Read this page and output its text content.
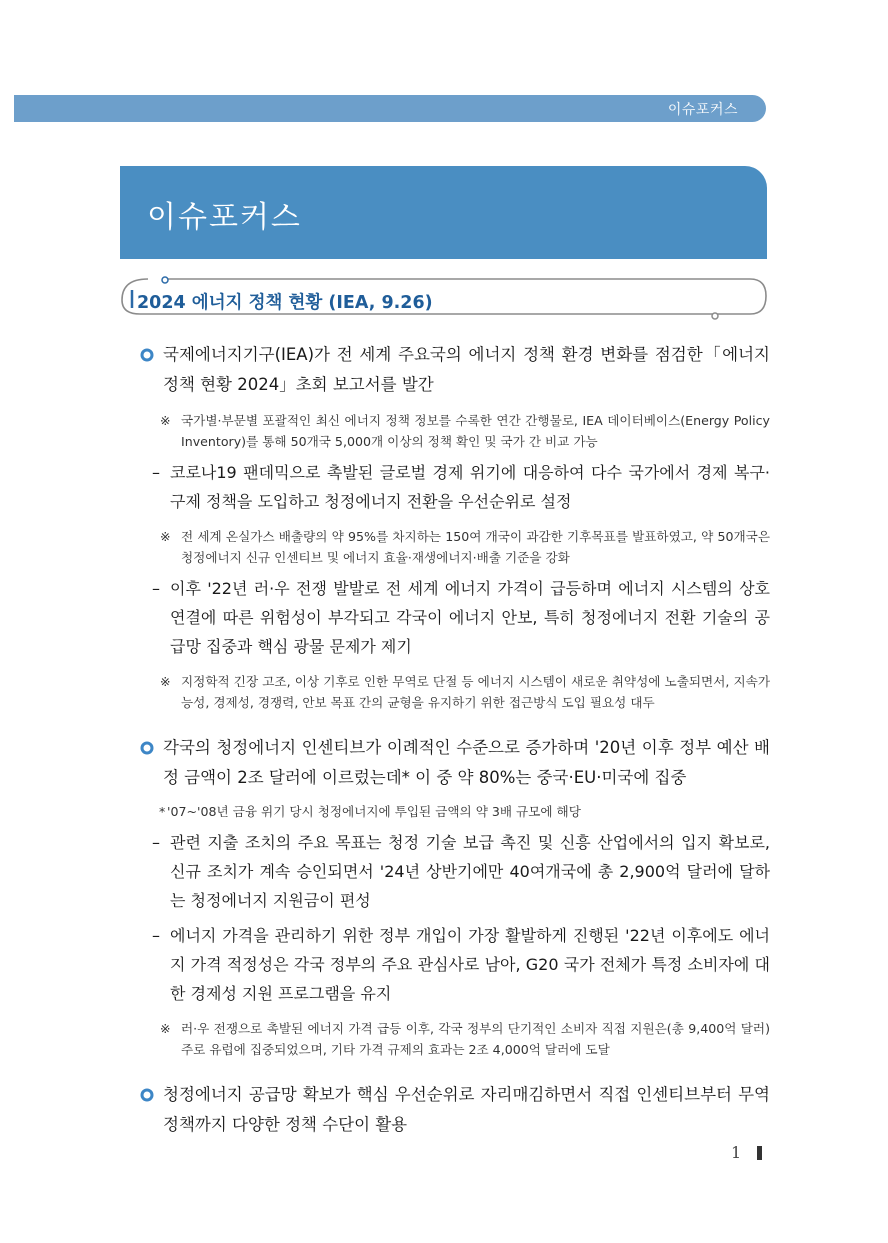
이슈포커스
이슈포커스
2024 에너지 정책 현황 (IEA, 9.26)
국제에너지기구(IEA)가 전 세계 주요국의 에너지 정책 환경 변화를 점검한「에너지 정책 현황 2024」초회 보고서를 발간
※ 국가별·부문별 포괄적인 최신 에너지 정책 정보를 수록한 연간 간행물로, IEA 데이터베이스(Energy Policy Inventory)를 통해 50개국 5,000개 이상의 정책 확인 및 국가 간 비교 가능
– 코로나19 팬데믹으로 촉발된 글로벌 경제 위기에 대응하여 다수 국가에서 경제 복구·구제 정책을 도입하고 청정에너지 전환을 우선순위로 설정
※ 전 세계 온실가스 배출량의 약 95%를 차지하는 150여 개국이 과감한 기후목표를 발표하였고, 약 50개국은 청정에너지 신규 인센티브 및 에너지 효율·재생에너지·배출 기준을 강화
– 이후 '22년 러·우 전쟁 발발로 전 세계 에너지 가격이 급등하며 에너지 시스템의 상호 연결에 따른 위험성이 부각되고 각국이 에너지 안보, 특히 청정에너지 전환 기술의 공급망 집중과 핵심 광물 문제가 제기
※ 지정학적 긴장 고조, 이상 기후로 인한 무역로 단절 등 에너지 시스템이 새로운 취약성에 노출되면서, 지속가능성, 경제성, 경쟁력, 안보 목표 간의 균형을 유지하기 위한 접근방식 도입 필요성 대두
각국의 청정에너지 인센티브가 이례적인 수준으로 증가하며 '20년 이후 정부 예산 배정 금액이 2조 달러에 이르렀는데* 이 중 약 80%는 중국·EU·미국에 집중
* '07~'08년 금융 위기 당시 청정에너지에 투입된 금액의 약 3배 규모에 해당
– 관련 지출 조치의 주요 목표는 청정 기술 보급 촉진 및 신흥 산업에서의 입지 확보로, 신규 조치가 계속 승인되면서 '24년 상반기에만 40여개국에 총 2,900억 달러에 달하는 청정에너지 지원금이 편성
– 에너지 가격을 관리하기 위한 정부 개입이 가장 활발하게 진행된 '22년 이후에도 에너지 가격 적정성은 각국 정부의 주요 관심사로 남아, G20 국가 전체가 특정 소비자에 대한 경제성 지원 프로그램을 유지
※ 러·우 전쟁으로 촉발된 에너지 가격 급등 이후, 각국 정부의 단기적인 소비자 직접 지원은(총 9,400억 달러) 주로 유럽에 집중되었으며, 기타 가격 규제의 효과는 2조 4,000억 달러에 도달
청정에너지 공급망 확보가 핵심 우선순위로 자리매김하면서 직접 인센티브부터 무역 정책까지 다양한 정책 수단이 활용
1
